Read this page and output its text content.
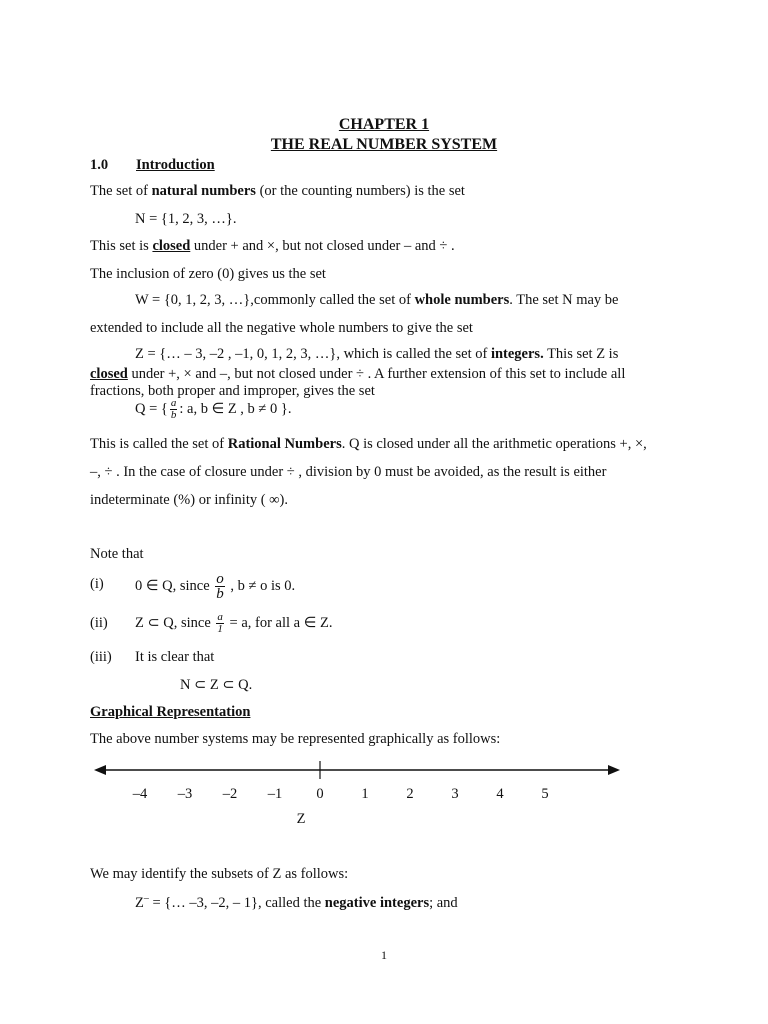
CHAPTER 1
THE REAL NUMBER SYSTEM
1.0 Introduction
The set of natural numbers (or the counting numbers) is the set
N = {1, 2, 3, …}.
This set is closed under + and ×, but not closed under – and ÷ .
The inclusion of zero (0) gives us the set
W = {0, 1, 2, 3, …},commonly called the set of whole numbers. The set N may be
extended to include all the negative whole numbers to give the set
Z = {… – 3, –2 , –1, 0, 1, 2, 3, …}, which is called the set of integers. This set Z is
closed under +, × and –, but not closed under ÷ . A further extension of this set to include all
fractions, both proper and improper, gives the set
Q = { $\frac{a}{b}$ : a, b ∈ Z , b ≠ 0 }.
This is called the set of Rational Numbers. Q is closed under all the arithmetic operations +, ×,
–, ÷ . In the case of closure under ÷ , division by 0 must be avoided, as the result is either
indeterminate (%) or infinity ( ∞).
Note that
(i) 0 ∈ Q, since $\frac{o}{b}$ , b ≠ o is 0.
(ii) Z ⊂ Q, since $\frac{a}{1} = a$, for all a ∈ Z.
(iii) It is clear that
N ⊂ Z ⊂ Q.
Graphical Representation
The above number systems may be represented graphically as follows:
–4 –3 –2 –1 0	1	2	3	4	5
Z
We may identify the subsets of Z as follows:
Z– = {… –3, –2, – 1}, called the negative integers; and
1
